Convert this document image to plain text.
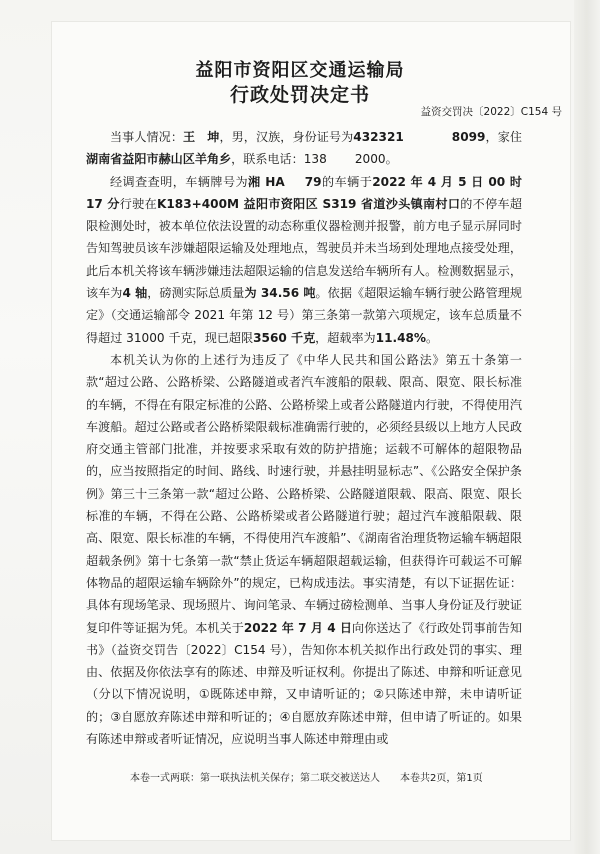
益阳市资阳区交通运输局
行政处罚决定书
益资交罚决〔2022〕C154 号

当事人情况：王　坤，男，汉族，身份证号为432321	8099，家住湖南省益阳市赫山区羊角乡，联系电话：138 2000。

经调查查明，车辆牌号为湘 HA 79的车辆于2022 年 4 月 5 日 00 时 17 分行驶在K183+400M 益阳市资阳区 S319 省道沙头镇南村口的不停车超限检测处时，被本单位依法设置的动态称重仪器检测并报警，前方电子显示屏同时告知驾驶员该车涉嫌超限运输及处理地点，驾驶员并未当场到处理地点接受处理，此后本机关将该车辆涉嫌违法超限运输的信息发送给车辆所有人。检测数据显示，该车为4 轴，磅测实际总质量为 34.56 吨。依据《超限运输车辆行驶公路管理规定》（交通运输部令 2021 年第 12 号）第三条第一款第六项规定，该车总质量不得超过 31000 千克，现已超限3560 千克，超载率为11.48%。

本机关认为你的上述行为违反了《中华人民共和国公路法》第五十条第一款“超过公路、公路桥梁、公路隧道或者汽车渡船的限载、限高、限宽、限长标准的车辆，不得在有限定标准的公路、公路桥梁上或者公路隧道内行驶，不得使用汽车渡船。超过公路或者公路桥梁限载标准确需行驶的，必须经县级以上地方人民政府交通主管部门批准，并按要求采取有效的防护措施；运载不可解体的超限物品的，应当按照指定的时间、路线、时速行驶，并悬挂明显标志”、《公路安全保护条例》第三十三条第一款“超过公路、公路桥梁、公路隧道限载、限高、限宽、限长标准的车辆，不得在公路、公路桥梁或者公路隧道行驶；超过汽车渡船限载、限高、限宽、限长标准的车辆，不得使用汽车渡船”、《湖南省治理货物运输车辆超限超载条例》第十七条第一款“禁止货运车辆超限超载运输，但获得许可载运不可解体物品的超限运输车辆除外”的规定，已构成违法。事实清楚，有以下证据佐证：具体有现场笔录、现场照片、询问笔录、车辆过磅检测单、当事人身份证及行驶证复印件等证据为凭。本机关于2022 年 7 月 4 日向你送达了《行政处罚事前告知书》（益资交罚告〔2022〕C154 号），告知你本机关拟作出行政处罚的事实、理由、依据及你依法享有的陈述、申辩及听证权利。你提出了陈述、申辩和听证意见（分以下情况说明，①既陈述申辩，又申请听证的；②只陈述申辩，未申请听证的；③自愿放弃陈述申辩和听证的；④自愿放弃陈述申辩，但申请了听证的。如果有陈述申辩或者听证情况，应说明当事人陈述申辩理由或

本卷一式两联：第一联执法机关保存；第二联交被送达人 本卷共2页，第1页
